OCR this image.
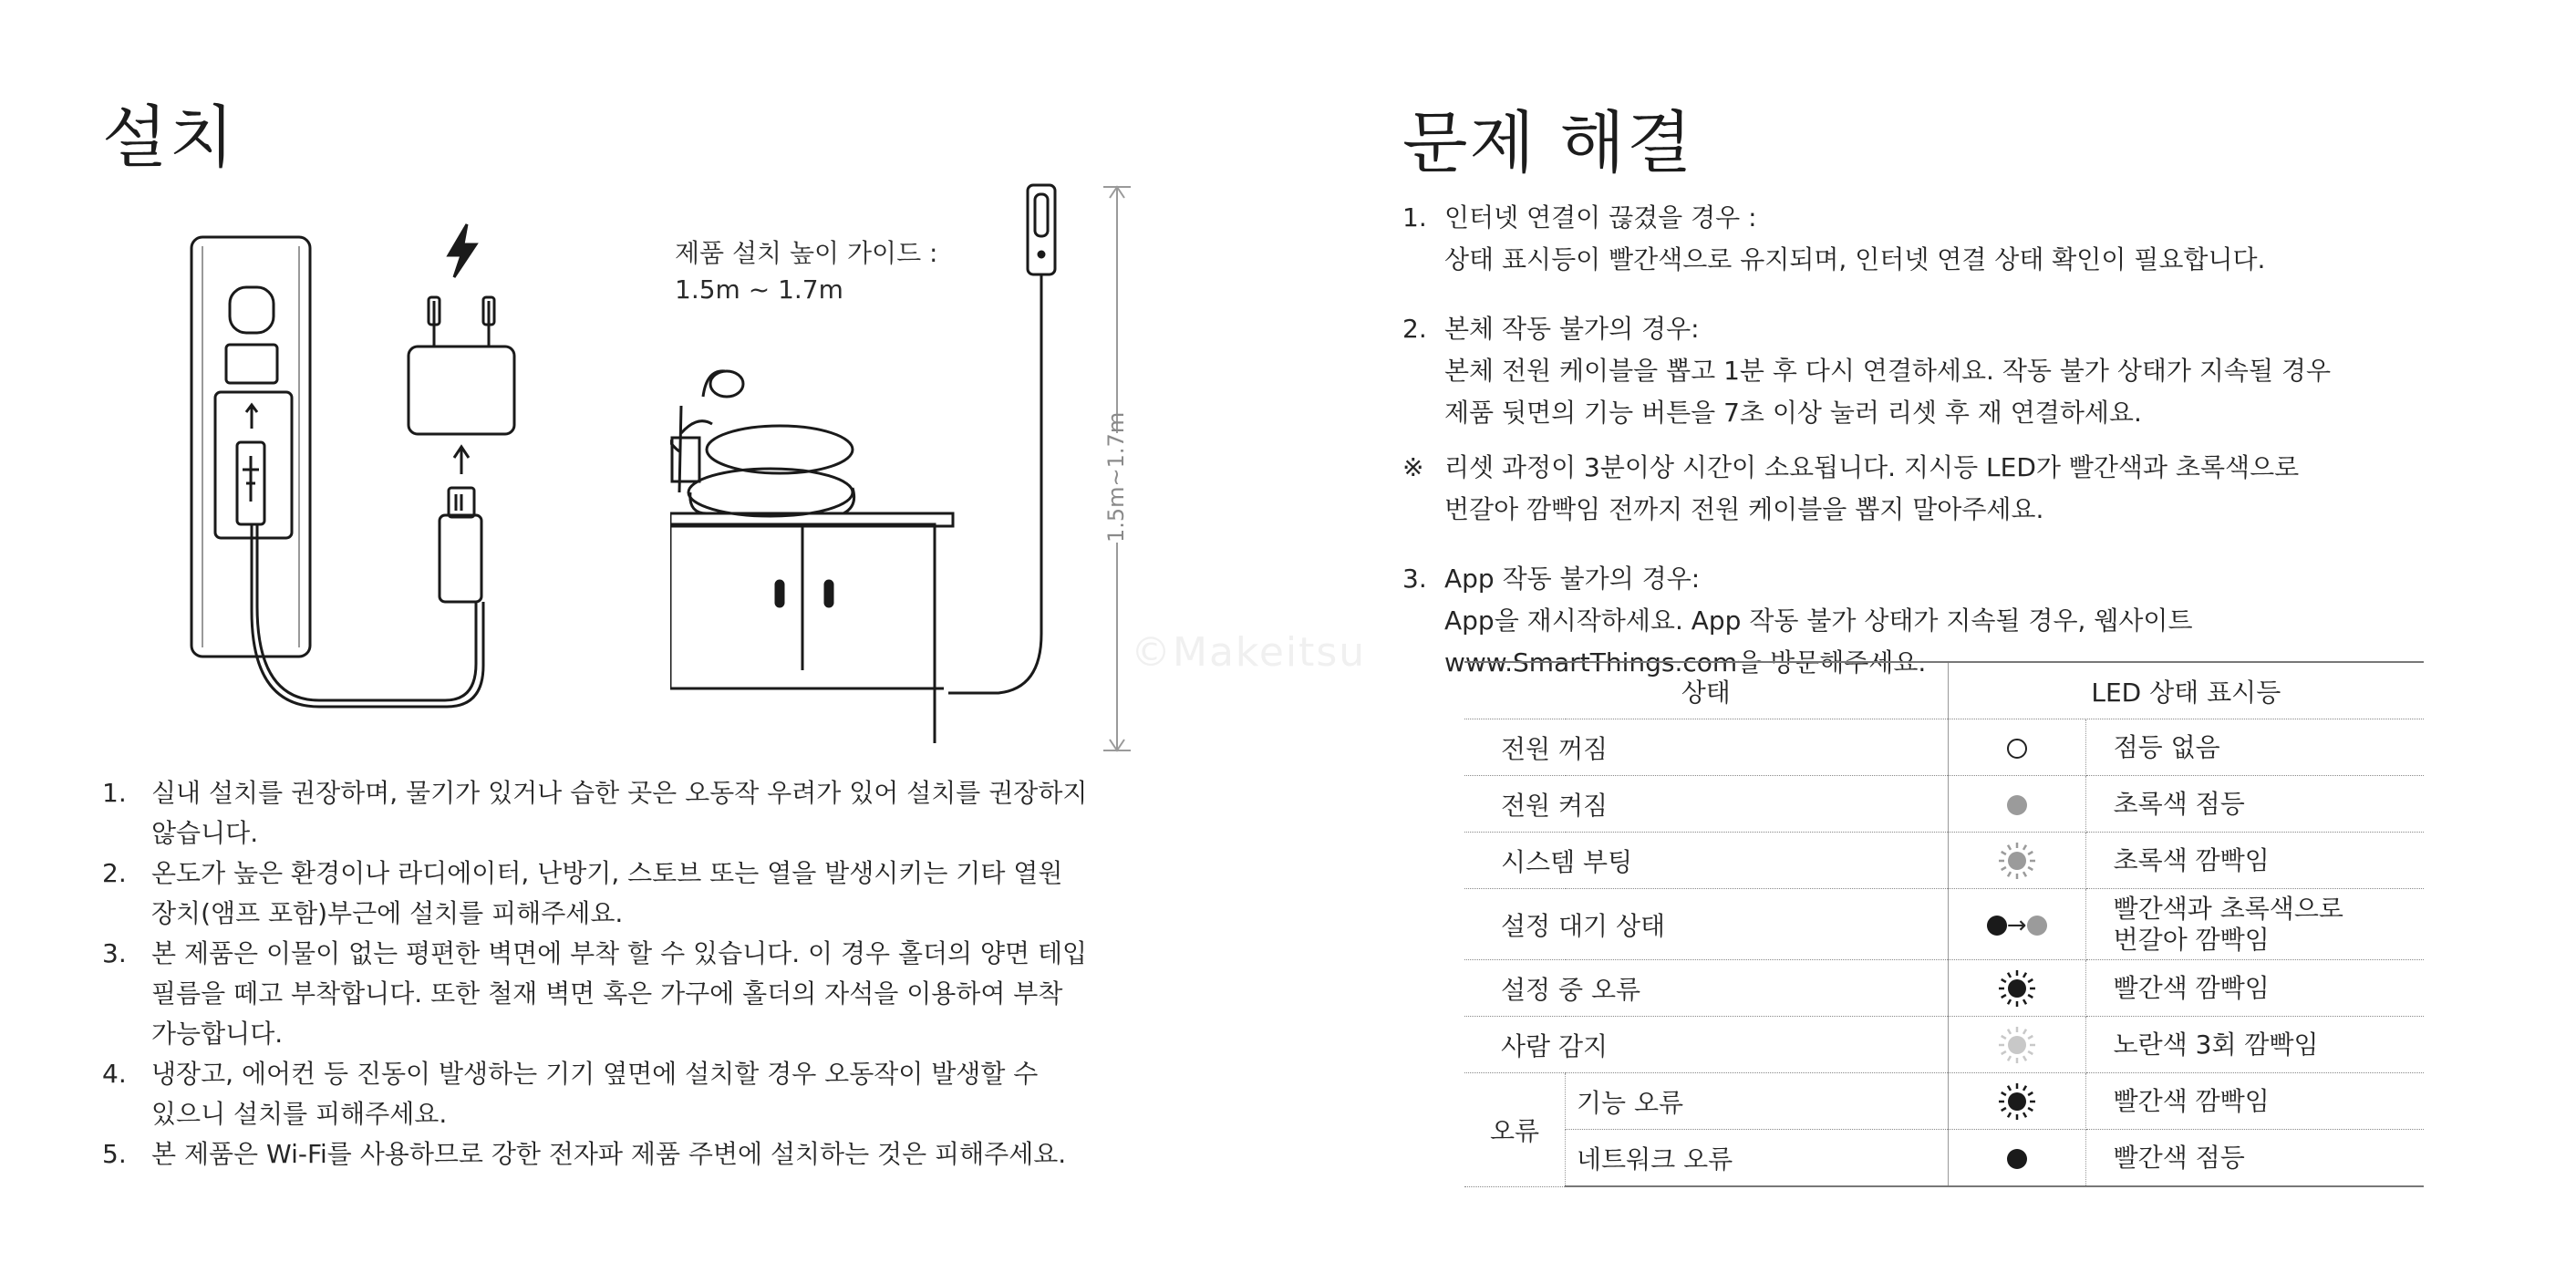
설치
제품 설치 높이 가이드 :
1.5m ~ 1.7m
1.5m~1.7m
1. 실내 설치를 권장하며, 물기가 있거나 습한 곳은 오동작 우려가 있어 설치를 권장하지
않습니다.
2. 온도가 높은 환경이나 라디에이터, 난방기, 스토브 또는 열을 발생시키는 기타 열원
장치(앰프 포함)부근에 설치를 피해주세요.
3. 본 제품은 이물이 없는 평편한 벽면에 부착 할 수 있습니다. 이 경우 홀더의 양면 테입
필름을 떼고 부착합니다. 또한 철재 벽면 혹은 가구에 홀더의 자석을 이용하여 부착
가능합니다.
4. 냉장고, 에어컨 등 진동이 발생하는 기기 옆면에 설치할 경우 오동작이 발생할 수
있으니 설치를 피해주세요.
5. 본 제품은 Wi-Fi를 사용하므로 강한 전자파 제품 주변에 설치하는 것은 피해주세요.
문제 해결
1. 인터넷 연결이 끊겼을 경우 :
상태 표시등이 빨간색으로 유지되며, 인터넷 연결 상태 확인이 필요합니다.
2. 본체 작동 불가의 경우:
본체 전원 케이블을 뽑고 1분 후 다시 연결하세요. 작동 불가 상태가 지속될 경우
제품 뒷면의 기능 버튼을 7초 이상 눌러 리셋 후 재 연결하세요.
※ 리셋 과정이 3분이상 시간이 소요됩니다. 지시등 LED가 빨간색과 초록색으로
번갈아 깜빡임 전까지 전원 케이블을 뽑지 말아주세요.
3. App 작동 불가의 경우:
App을 재시작하세요. App 작동 불가 상태가 지속될 경우, 웹사이트
www.SmartThings.com을 방문해주세요.
©Makeitsu
상태		LED 상태 표시등	
전원 꺼짐			점등 없음

전원 켜짐			초록색 점등

시스템 부팅			초록색 깜빡임

설정 대기 상태		→	빨간색과 초록색으로
번갈아 깜빡임

설정 중 오류			빨간색 깜빡임

사람 감지			노란색 3회 깜빡임

오류	기능 오류		빨간색 깜빡임

	네트워크 오류		빨간색 점등
